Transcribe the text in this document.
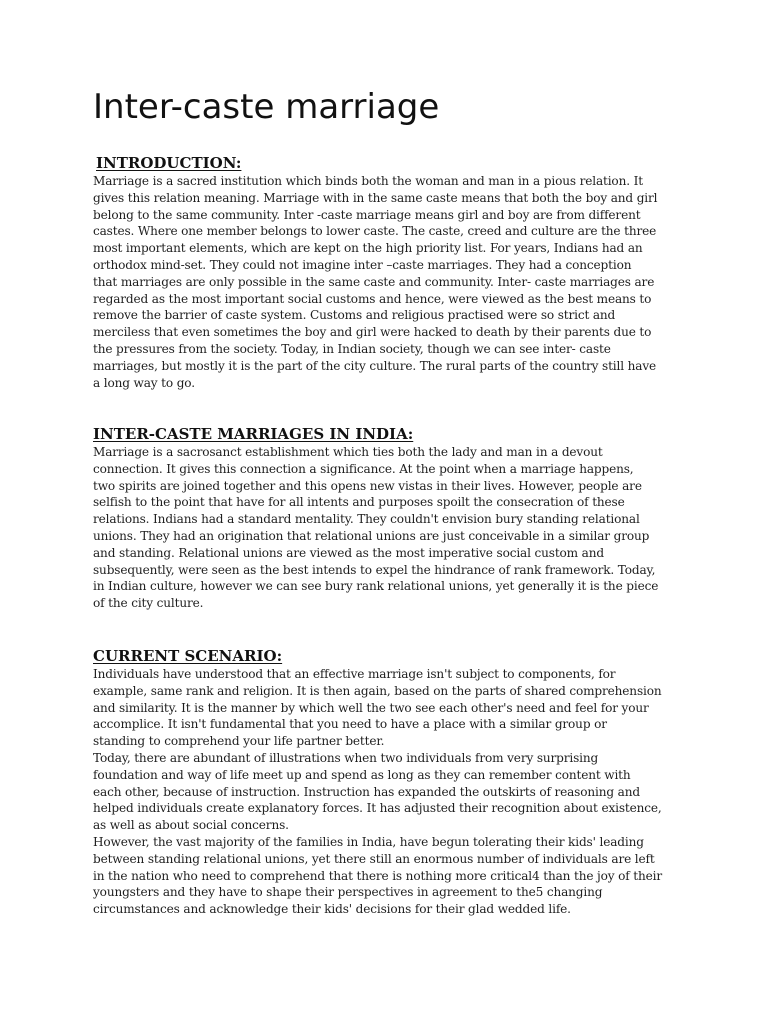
Inter-caste marriage
INTRODUCTION:

Marriage is a sacred institution which binds both the woman and man in a pious relation. It
gives this relation meaning. Marriage with in the same caste means that both the boy and girl
belong to the same community. Inter -caste marriage means girl and boy are from different
castes. Where one member belongs to lower caste. The caste, creed and culture are the three
most important elements, which are kept on the high priority list. For years, Indians had an
orthodox mind-set. They could not imagine inter –caste marriages. They had a conception
that marriages are only possible in the same caste and community. Inter- caste marriages are
regarded as the most important social customs and hence, were viewed as the best means to
remove the barrier of caste system. Customs and religious practised were so strict and
merciless that even sometimes the boy and girl were hacked to death by their parents due to
the pressures from the society. Today, in Indian society, though we can see inter- caste
marriages, but mostly it is the part of the city culture. The rural parts of the country still have
a long way to go.

INTER-CASTE MARRIAGES IN INDIA:

Marriage is a sacrosanct establishment which ties both the lady and man in a devout
connection. It gives this connection a significance. At the point when a marriage happens,
two spirits are joined together and this opens new vistas in their lives. However, people are
selfish to the point that have for all intents and purposes spoilt the consecration of these
relations. Indians had a standard mentality. They couldn't envision bury standing relational
unions. They had an origination that relational unions are just conceivable in a similar group
and standing. Relational unions are viewed as the most imperative social custom and
subsequently, were seen as the best intends to expel the hindrance of rank framework. Today,
in Indian culture, however we can see bury rank relational unions, yet generally it is the piece
of the city culture.

CURRENT SCENARIO:

Individuals have understood that an effective marriage isn't subject to components, for
example, same rank and religion. It is then again, based on the parts of shared comprehension
and similarity. It is the manner by which well the two see each other's need and feel for your
accomplice. It isn't fundamental that you need to have a place with a similar group or
standing to comprehend your life partner better.

Today, there are abundant of illustrations when two individuals from very surprising
foundation and way of life meet up and spend as long as they can remember content with
each other, because of instruction. Instruction has expanded the outskirts of reasoning and
helped individuals create explanatory forces. It has adjusted their recognition about existence,
as well as about social concerns.

However, the vast majority of the families in India, have begun tolerating their kids' leading
between standing relational unions, yet there still an enormous number of individuals are left
in the nation who need to comprehend that there is nothing more critical4 than the joy of their
youngsters and they have to shape their perspectives in agreement to the5 changing
circumstances and acknowledge their kids' decisions for their glad wedded life.
